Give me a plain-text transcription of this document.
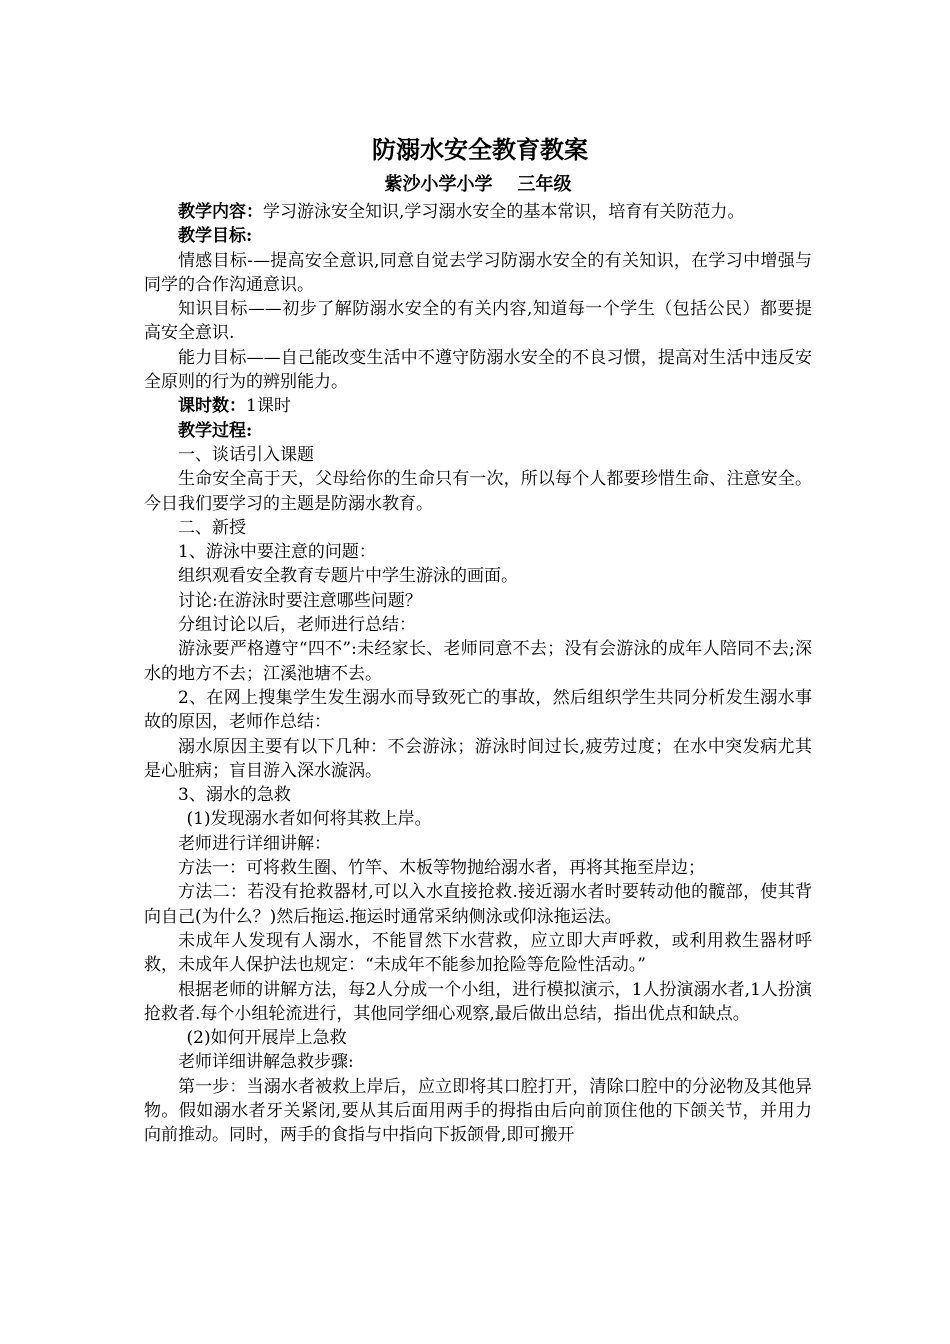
防溺水安全教育教案
紫沙小学小学    三年级

教学内容：学习游泳安全知识,学习溺水安全的基本常识，培育有关防范力。

教学目标:

情感目标-—提高安全意识,同意自觉去学习防溺水安全的有关知识，在学习中增强与同学的合作沟通意识。

知识目标——初步了解防溺水安全的有关内容,知道每一个学生（包括公民）都要提高安全意识.

能力目标——自己能改变生活中不遵守防溺水安全的不良习惯，提高对生活中违反安全原则的行为的辨别能力。

课时数：1课时

教学过程:

一、谈话引入课题

生命安全高于天，父母给你的生命只有一次，所以每个人都要珍惜生命、注意安全。今日我们要学习的主题是防溺水教育。

二、新授

1、游泳中要注意的问题：

组织观看安全教育专题片中学生游泳的画面。

讨论:在游泳时要注意哪些问题？

分组讨论以后，老师进行总结：

游泳要严格遵守“四不”:未经家长、老师同意不去；没有会游泳的成年人陪同不去;深水的地方不去；江溪池塘不去。

2、在网上搜集学生发生溺水而导致死亡的事故，然后组织学生共同分析发生溺水事故的原因，老师作总结：

溺水原因主要有以下几种：不会游泳；游泳时间过长,疲劳过度；在水中突发病尤其是心脏病；盲目游入深水漩涡。

3、溺水的急救

(1)发现溺水者如何将其救上岸。

老师进行详细讲解：

方法一：可将救生圈、竹竿、木板等物抛给溺水者，再将其拖至岸边；

方法二：若没有抢救器材,可以入水直接抢救.接近溺水者时要转动他的髋部，使其背向自己(为什么？)然后拖运.拖运时通常采纳侧泳或仰泳拖运法。

未成年人发现有人溺水，不能冒然下水营救，应立即大声呼救，或利用救生器材呼救，未成年人保护法也规定：“未成年不能参加抢险等危险性活动。”

根据老师的讲解方法，每2人分成一个小组，进行模拟演示，1人扮演溺水者,1人扮演抢救者.每个小组轮流进行，其他同学细心观察,最后做出总结，指出优点和缺点。

(2)如何开展岸上急救

老师详细讲解急救步骤:

第一步：当溺水者被救上岸后，应立即将其口腔打开，清除口腔中的分泌物及其他异物。假如溺水者牙关紧闭,要从其后面用两手的拇指由后向前顶住他的下颌关节，并用力向前推动。同时，两手的食指与中指向下扳颌骨,即可搬开
